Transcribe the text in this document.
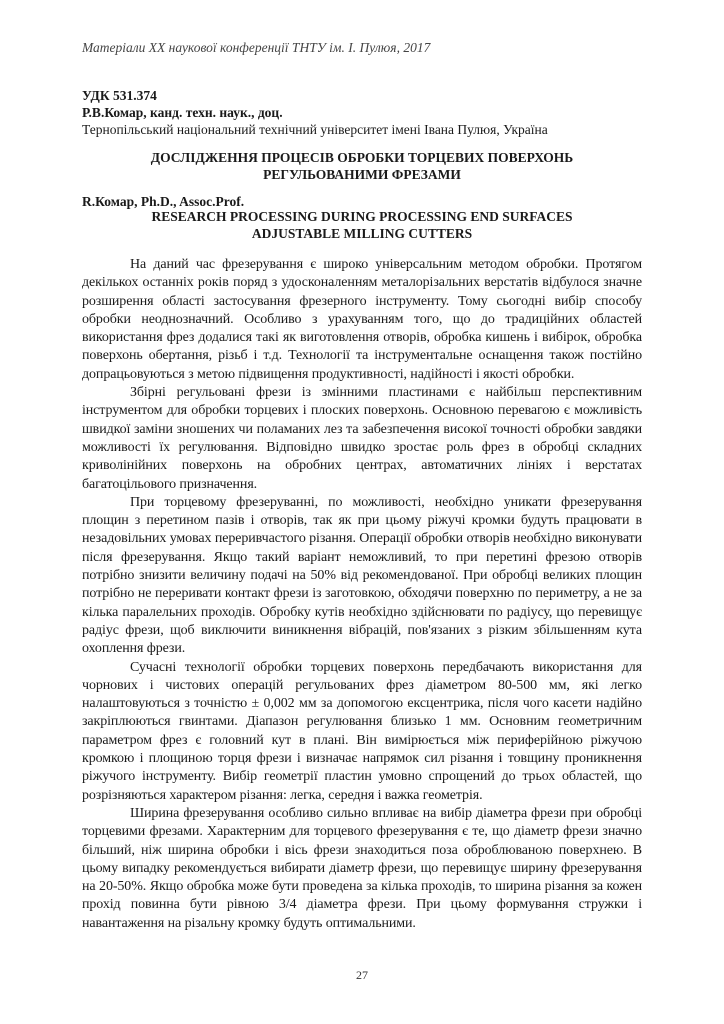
Матеріали XX наукової конференції ТНТУ ім. І. Пулюя, 2017
УДК 531.374
Р.В.Комар, канд. техн. наук., доц.
Тернопільський національний технічний університет імені Івана Пулюя, Україна
ДОСЛІДЖЕННЯ ПРОЦЕСІВ ОБРОБКИ ТОРЦЕВИХ ПОВЕРХОНЬ
РЕГУЛЬОВАНИМИ ФРЕЗАМИ
R.Комар, Ph.D., Assoc.Prof.
RESEARCH PROCESSING DURING PROCESSING END SURFACES
ADJUSTABLE MILLING CUTTERS

На даний час фрезерування є широко універсальним методом обробки. Протягом декількох останніх років поряд з удосконаленням металорізальних верстатів відбулося значне розширення області застосування фрезерного інструменту. Тому сьогодні вибір способу обробки неоднозначний. Особливо з урахуванням того, що до традиційних областей використання фрез додалися такі як виготовлення отворів, обробка кишень і вибірок, обробка поверхонь обертання, різьб і т.д. Технології та інструментальне оснащення також постійно допрацьовуються з метою підвищення продуктивності, надійності і якості обробки.

Збірні регульовані фрези із змінними пластинами є найбільш перспективним інструментом для обробки торцевих і плоских поверхонь. Основною перевагою є можливість швидкої заміни зношених чи поламаних лез та забезпечення високої точності обробки завдяки можливості їх регулювання. Відповідно швидко зростає роль фрез в обробці складних криволінійних поверхонь на обробних центрах, автоматичних лініях і верстатах багатоцільового призначення.

При торцевому фрезеруванні, по можливості, необхідно уникати фрезерування площин з перетином пазів і отворів, так як при цьому ріжучі кромки будуть працювати в незадовільних умовах переривчастого різання. Операції обробки отворів необхідно виконувати після фрезерування. Якщо такий варіант неможливий, то при перетині фрезою отворів потрібно знизити величину подачі на 50% від рекомендованої. При обробці великих площин потрібно не переривати контакт фрези із заготовкою, обходячи поверхню по периметру, а не за кілька паралельних проходів. Обробку кутів необхідно здійснювати по радіусу, що перевищує радіус фрези, щоб виключити виникнення вібрацій, пов'язаних з різким збільшенням кута охоплення фрези.

Сучасні технології обробки торцевих поверхонь передбачають використання для чорнових і чистових операцій регульованих фрез діаметром 80-500 мм, які легко налаштовуються з точністю ± 0,002 мм за допомогою ексцентрика, після чого касети надійно закріплюються гвинтами. Діапазон регулювання близько 1 мм. Основним геометричним параметром фрез є головний кут в плані. Він вимірюється між периферійною ріжучою кромкою і площиною торця фрези і визначає напрямок сил різання і товщину проникнення ріжучого інструменту. Вибір геометрії пластин умовно спрощений до трьох областей, що розрізняються характером різання: легка, середня і важка геометрія.

Ширина фрезерування особливо сильно впливає на вибір діаметра фрези при обробці торцевими фрезами. Характерним для торцевого фрезерування є те, що діаметр фрези значно більший, ніж ширина обробки і вісь фрези знаходиться поза оброблюваною поверхнею. В цьому випадку рекомендується вибирати діаметр фрези, що перевищує ширину фрезерування на 20-50%. Якщо обробка може бути проведена за кілька проходів, то ширина різання за кожен прохід повинна бути рівною 3/4 діаметра фрези. При цьому формування стружки і навантаження на різальну кромку будуть оптимальними.

27
